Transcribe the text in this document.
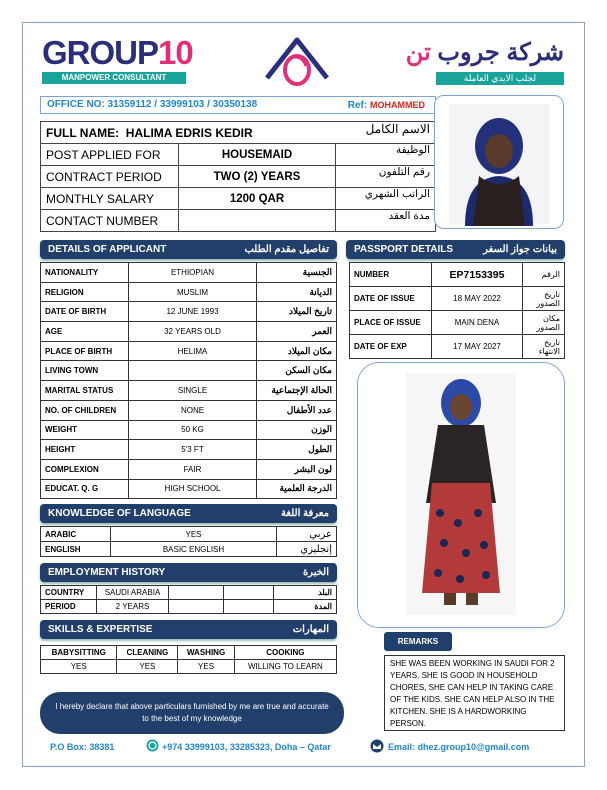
GROUP10
MANPOWER CONSULTANT
شركة جروب تن
لجلب الايدي العاملة
OFFICE NO: 31359112 / 33999103 / 30350138	Ref: MOHAMMED
FULL NAME: HALIMA EDRIS KEDIR		الاسم الكامل
POST APPLIED FOR	HOUSEMAID	الوظيفة
CONTRACT PERIOD	TWO (2) YEARS	رقم التلفون
MONTHLY SALARY	1200 QAR	الراتب الشهري
CONTACT NUMBER		مدة العقد
DETAILS OF APPLICANT	تفاصيل مقدم الطلب
NATIONALITY	ETHIOPIAN	الجنسية
RELIGION	MUSLIM	الديانة
DATE OF BIRTH	12 JUNE 1993	تاريخ الميلاد
AGE	32 YEARS OLD	العمر
PLACE OF BIRTH	HELIMA	مكان الميلاد
LIVING TOWN		مكان السكن
MARITAL STATUS	SINGLE	الحالة الإجتماعية
NO. OF CHILDREN	NONE	عدد الأطفال
WEIGHT	50 KG	الوزن
HEIGHT	5'3 FT	الطول
COMPLEXION	FAIR	لون البشر
EDUCAT. Q. G	HIGH SCHOOL	الدرجة العلمية
PASSPORT DETAILS	بيانات جواز السفر
NUMBER	EP7153395	الرقم
DATE OF ISSUE	18 MAY 2022	تاريخ الصدور
PLACE OF ISSUE	MAIN DENA	مكان الصدور
DATE OF EXP	17 MAY 2027	تاريخ الانتهاء
KNOWLEDGE OF LANGUAGE	معرفة اللغة
ARABIC	YES	عربي
ENGLISH	BASIC ENGLISH	إنجليزي
EMPLOYMENT HISTORY	الخبرة
COUNTRY	SAUDI ARABIA			البلد
PERIOD	2 YEARS			المدة
SKILLS & EXPERTISE	المهارات
BABYSITTING	CLEANING	WASHING	COOKING
YES	YES	YES	WILLING TO LEARN
REMARKS
SHE WAS BEEN WORKING IN SAUDI FOR 2 YEARS. SHE IS GOOD IN HOUSEHOLD CHORES, SHE CAN HELP IN TAKING CARE OF THE KIDS. SHE CAN HELP ALSO IN THE KITCHEN. SHE IS A HARDWORKING PERSON.
I hereby declare that above particulars furnished by me are true and accurate to the best of my knowledge
P.O Box: 38381	+974 33999103, 33285323, Doha – Qatar	Email: dhez.group10@gmail.com
